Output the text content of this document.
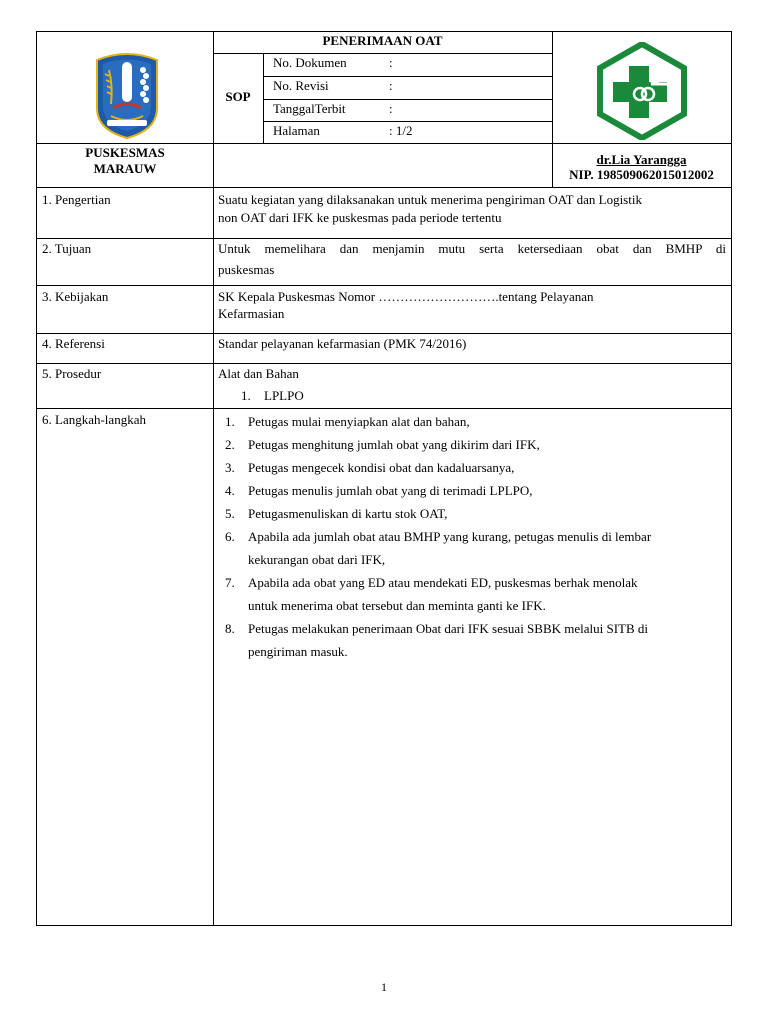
PENERIMAAN OAT
SOP
No. Dokumen	:
No. Revisi	:
TanggalTerbit	:
Halaman	: 1/2
PUSKESMAS
MARAUW
dr.Lia Yarangga
NIP. 198509062015012002
1. Pengertian	Suatu kegiatan yang dilaksanakan untuk menerima pengiriman OAT dan Logistik
non OAT dari IFK ke puskesmas pada periode tertentu
2. Tujuan	Untuk memelihara dan menjamin mutu serta ketersediaan obat dan BMHP di
puskesmas
3. Kebijakan	SK Kepala Puskesmas Nomor ……………………….tentang Pelayanan
Kefarmasian
4. Referensi	Standar pelayanan kefarmasian (PMK 74/2016)
5. Prosedur	Alat dan Bahan
1. LPLPO
6. Langkah-langkah	1. Petugas mulai menyiapkan alat dan bahan,
2. Petugas menghitung jumlah obat yang dikirim dari IFK,
3. Petugas mengecek kondisi obat dan kadaluarsanya,
4. Petugas menulis jumlah obat yang di terimadi LPLPO,
5. Petugasmenuliskan di kartu stok OAT,
6. Apabila ada jumlah obat atau BMHP yang kurang, petugas menulis di lembar
kekurangan obat dari IFK,
7. Apabila ada obat yang ED atau mendekati ED, puskesmas berhak menolak
untuk menerima obat tersebut dan meminta ganti ke IFK.
8. Petugas melakukan penerimaan Obat dari IFK sesuai SBBK melalui SITB di
pengiriman masuk.
1
